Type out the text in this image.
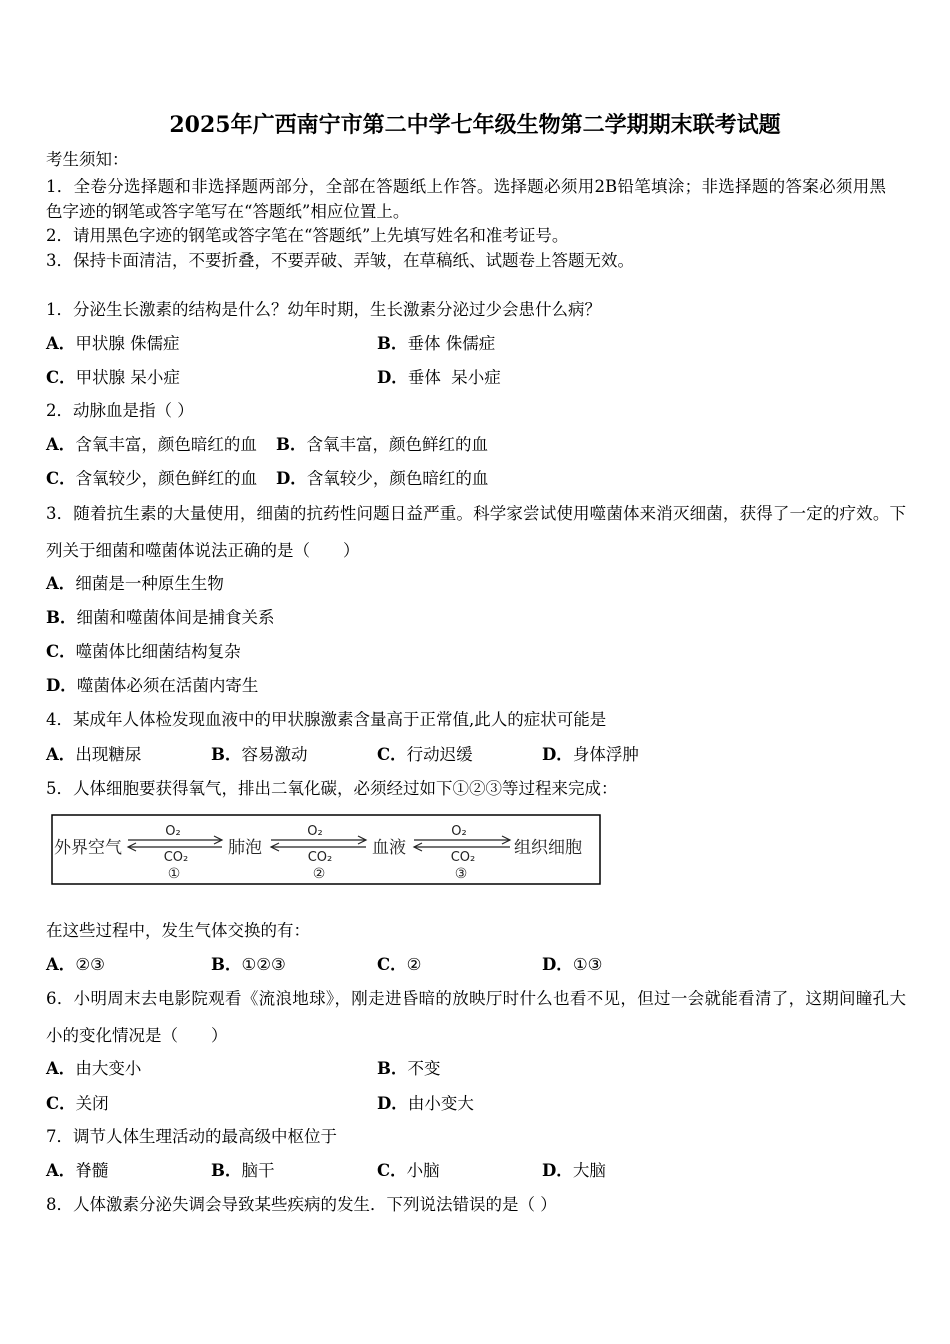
2025年广西南宁市第二中学七年级生物第二学期期末联考试题
考生须知：
1．全卷分选择题和非选择题两部分，全部在答题纸上作答。选择题必须用2B铅笔填涂；非选择题的答案必须用黑色字迹的钢笔或答字笔写在“答题纸”相应位置上。
2．请用黑色字迹的钢笔或答字笔在“答题纸”上先填写姓名和准考证号。
3．保持卡面清洁，不要折叠，不要弄破、弄皱，在草稿纸、试题卷上答题无效。
1．分泌生长激素的结构是什么？幼年时期，生长激素分泌过少会患什么病？
A．甲状腺 侏儒症	B．垂体 侏儒症
C．甲状腺 呆小症	D．垂体  呆小症
2．动脉血是指（ ）
A．含氧丰富，颜色暗红的血 B．含氧丰富，颜色鲜红的血
C．含氧较少，颜色鲜红的血 D．含氧较少，颜色暗红的血
3．随着抗生素的大量使用，细菌的抗药性问题日益严重。科学家尝试使用噬菌体来消灭细菌，获得了一定的疗效。下列关于细菌和噬菌体说法正确的是（　　）
A．细菌是一种原生生物
B．细菌和噬菌体间是捕食关系
C．噬菌体比细菌结构复杂
D．噬菌体必须在活菌内寄生
4．某成年人体检发现血液中的甲状腺激素含量高于正常值,此人的症状可能是
A．出现糖尿	B．容易激动	C．行动迟缓	D．身体浮肿
5．人体细胞要获得氧气，排出二氧化碳，必须经过如下①②③等过程来完成：
外界空气	肺泡	血液	组织细胞
O₂
CO₂
①
O₂
CO₂
②
O₂
CO₂
③
在这些过程中，发生气体交换的有：
A．②③	B．①②③	C．②	D．①③
6．小明周末去电影院观看《流浪地球》，刚走进昏暗的放映厅时什么也看不见，但过一会就能看清了，这期间瞳孔大小的变化情况是（　　）
A．由大变小	B．不变
C．关闭	D．由小变大
7．调节人体生理活动的最高级中枢位于
A．脊髓	B．脑干	C．小脑	D．大脑
8．人体激素分泌失调会导致某些疾病的发生．下列说法错误的是（ ）
